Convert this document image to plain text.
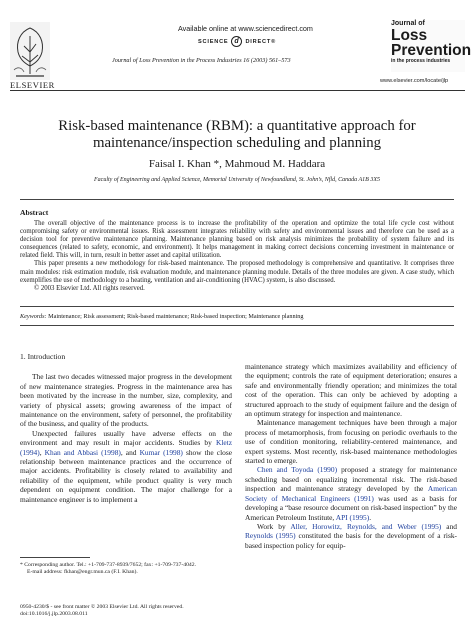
ELSEVIER
Available online at www.sciencedirect.com
SCIENCE d	DIRECT®
Journal of Loss Prevention in the Process Industries 16 (2003) 561–573
Journal of
Loss
Prevention
in the process industries
www.elsevier.com/locate/jlp
Risk-based maintenance (RBM): a quantitative approach for
maintenance/inspection scheduling and planning
Faisal I. Khan *, Mahmoud M. Haddara
Faculty of Engineering and Applied Science, Memorial University of Newfoundland, St. John’s, Nfld, Canada A1B 3X5
Abstract

The overall objective of the maintenance process is to increase the profitability of the operation and optimize the total life cycle cost without compromising safety or environmental issues. Risk assessment integrates reliability with safety and environmental issues and therefore can be used as a decision tool for preventive maintenance planning. Maintenance planning based on risk analysis minimizes the probability of system failure and its consequences (related to safety, economic, and environment). It helps management in making correct decisions concerning investment in maintenance or related field. This will, in turn, result in better asset and capital utilization.

This paper presents a new methodology for risk-based maintenance. The proposed methodology is comprehensive and quantitative. It comprises three main modules: risk estimation module, risk evaluation module, and maintenance planning module. Details of the three modules are given. A case study, which exemplifies the use of methodology to a heating, ventilation and air-conditioning (HVAC) system, is also discussed.

© 2003 Elsevier Ltd. All rights reserved.

Keywords: Maintenance; Risk assessment; Risk-based maintenance; Risk-based inspection; Maintenance planning
1. Introduction

The last two decades witnessed major progress in the development of new maintenance strategies. Progress in the maintenance area has been motivated by the increase in the number, size, complexity, and variety of physical assets; growing awareness of the impact of maintenance on the environment, safety of personnel, the profitability of the business, and quality of the products.

Unexpected failures usually have adverse effects on the environment and may result in major accidents. Studies by Kletz (1994), Khan and Abbasi (1998), and Kumar (1998) show the close relationship between maintenance practices and the occurrence of major accidents. Profitability is closely related to availability and reliability of the equipment, while product quality is very much dependent on equipment condition. The major challenge for a maintenance engineer is to implement a

* Corresponding author. Tel.: +1-709-737-8939/7652; fax: +1-709-737-4042.
E-mail address: fkhan@engr.mun.ca (F.I. Khan).
0950-4230/$ - see front matter © 2003 Elsevier Ltd. All rights reserved.
doi:10.1016/j.jlp.2003.08.011

maintenance strategy which maximizes availability and efficiency of the equipment; controls the rate of equipment deterioration; ensures a safe and environmentally friendly operation; and minimizes the total cost of the operation. This can only be achieved by adopting a structured approach to the study of equipment failure and the design of an optimum strategy for inspection and maintenance.

Maintenance management techniques have been through a major process of metamorphosis, from focusing on periodic overhauls to the use of condition monitoring, reliability-centered maintenance, and expert systems. Most recently, risk-based maintenance methodologies started to emerge.

Chen and Toyoda (1990) proposed a strategy for maintenance scheduling based on equalizing incremental risk. The risk-based inspection and maintenance strategy developed by the American Society of Mechanical Engineers (1991) was used as a basis for developing a “base resource document on risk-based inspection” by the American Petroleum Institute, API (1995).

Work by Aller, Horowitz, Reynolds, and Weber (1995) and Reynolds (1995) constituted the basis for the development of a risk-based inspection policy for equip-
